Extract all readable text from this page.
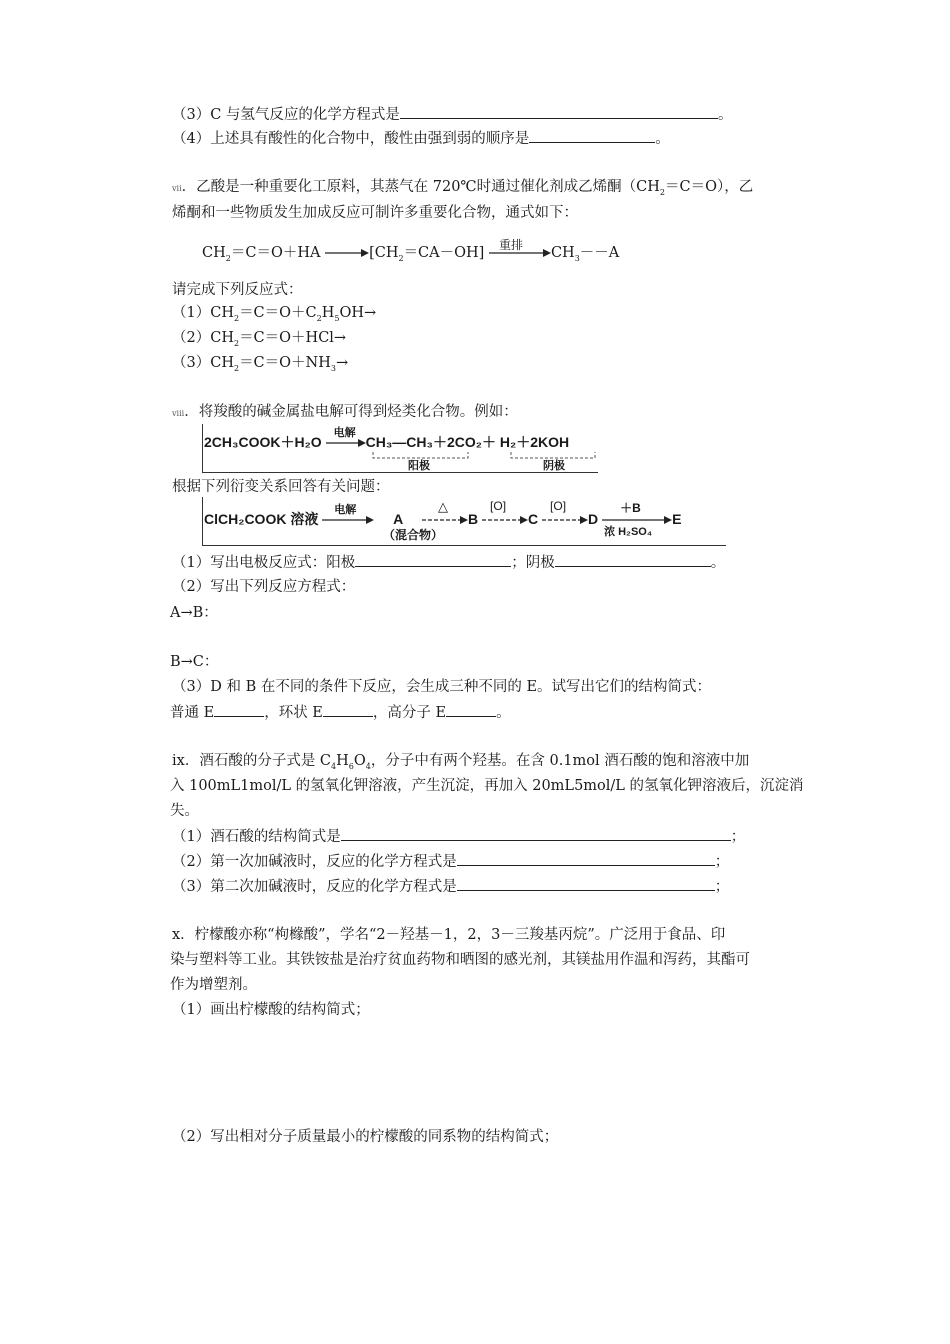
（3）C 与氢气反应的化学方程式是	。
（4）上述具有酸性的化合物中，酸性由强到弱的顺序是	。
vii．乙酸是一种重要化工原料，其蒸气在 720℃时通过催化剂成乙烯酮$(CH_2=C=O)$，乙
烯酮和一些物质发生加成反应可制许多重要化合物，通式如下：
$CH_2=C=O+HA$	$[CH_2=CA-OH]$ 重排 $CH_3--A$
请完成下列反应式：
$(1)CH_2=C=O+C_2H_5OH\to$
$(2)CH_2=C=O+HCl\to$
$(3)CH_2=C=O+NH_3\to$
viii．将羧酸的碱金属盐电解可得到烃类化合物。例如：
2CH₃COOK＋H₂O
电解
CH₃—CH₃＋2CO₂＋ H₂＋2KOH
阳极	阴极
根据下列衍变关系回答有关问题：
ClCH₂COOK 溶液
电解
A
△
B
[O]
C
[O]
D
＋B
浓 H₂SO₄
E
（混合物）
（1）写出电极反应式：阳极	；阴极	。
（2）写出下列反应方程式：
A→B：
B→C：
（3）D 和 B 在不同的条件下反应，会生成三种不同的 E。试写出它们的结构简式：
普通 E	，环状 E	，高分子 E	。
ix．酒石酸的分子式是 $C_4H_6O_4$，分子中有两个羟基。在含 0.1mol 酒石酸的饱和溶液中加
入 100mL1mol/L 的氢氧化钾溶液，产生沉淀，再加入 20mL5mol/L 的氢氧化钾溶液后，沉淀消
失。
（1）酒石酸的结构简式是	；
（2）第一次加碱液时，反应的化学方程式是	；
（3）第二次加碱液时，反应的化学方程式是	；
x．柠檬酸亦称“枸橼酸”，学名“2－羟基－1，2，3－三羧基丙烷”。广泛用于食品、印
染与塑料等工业。其铁铵盐是治疗贫血药物和晒图的感光剂，其镁盐用作温和泻药，其酯可
作为增塑剂。
（1）画出柠檬酸的结构简式；
（2）写出相对分子质量最小的柠檬酸的同系物的结构简式；
